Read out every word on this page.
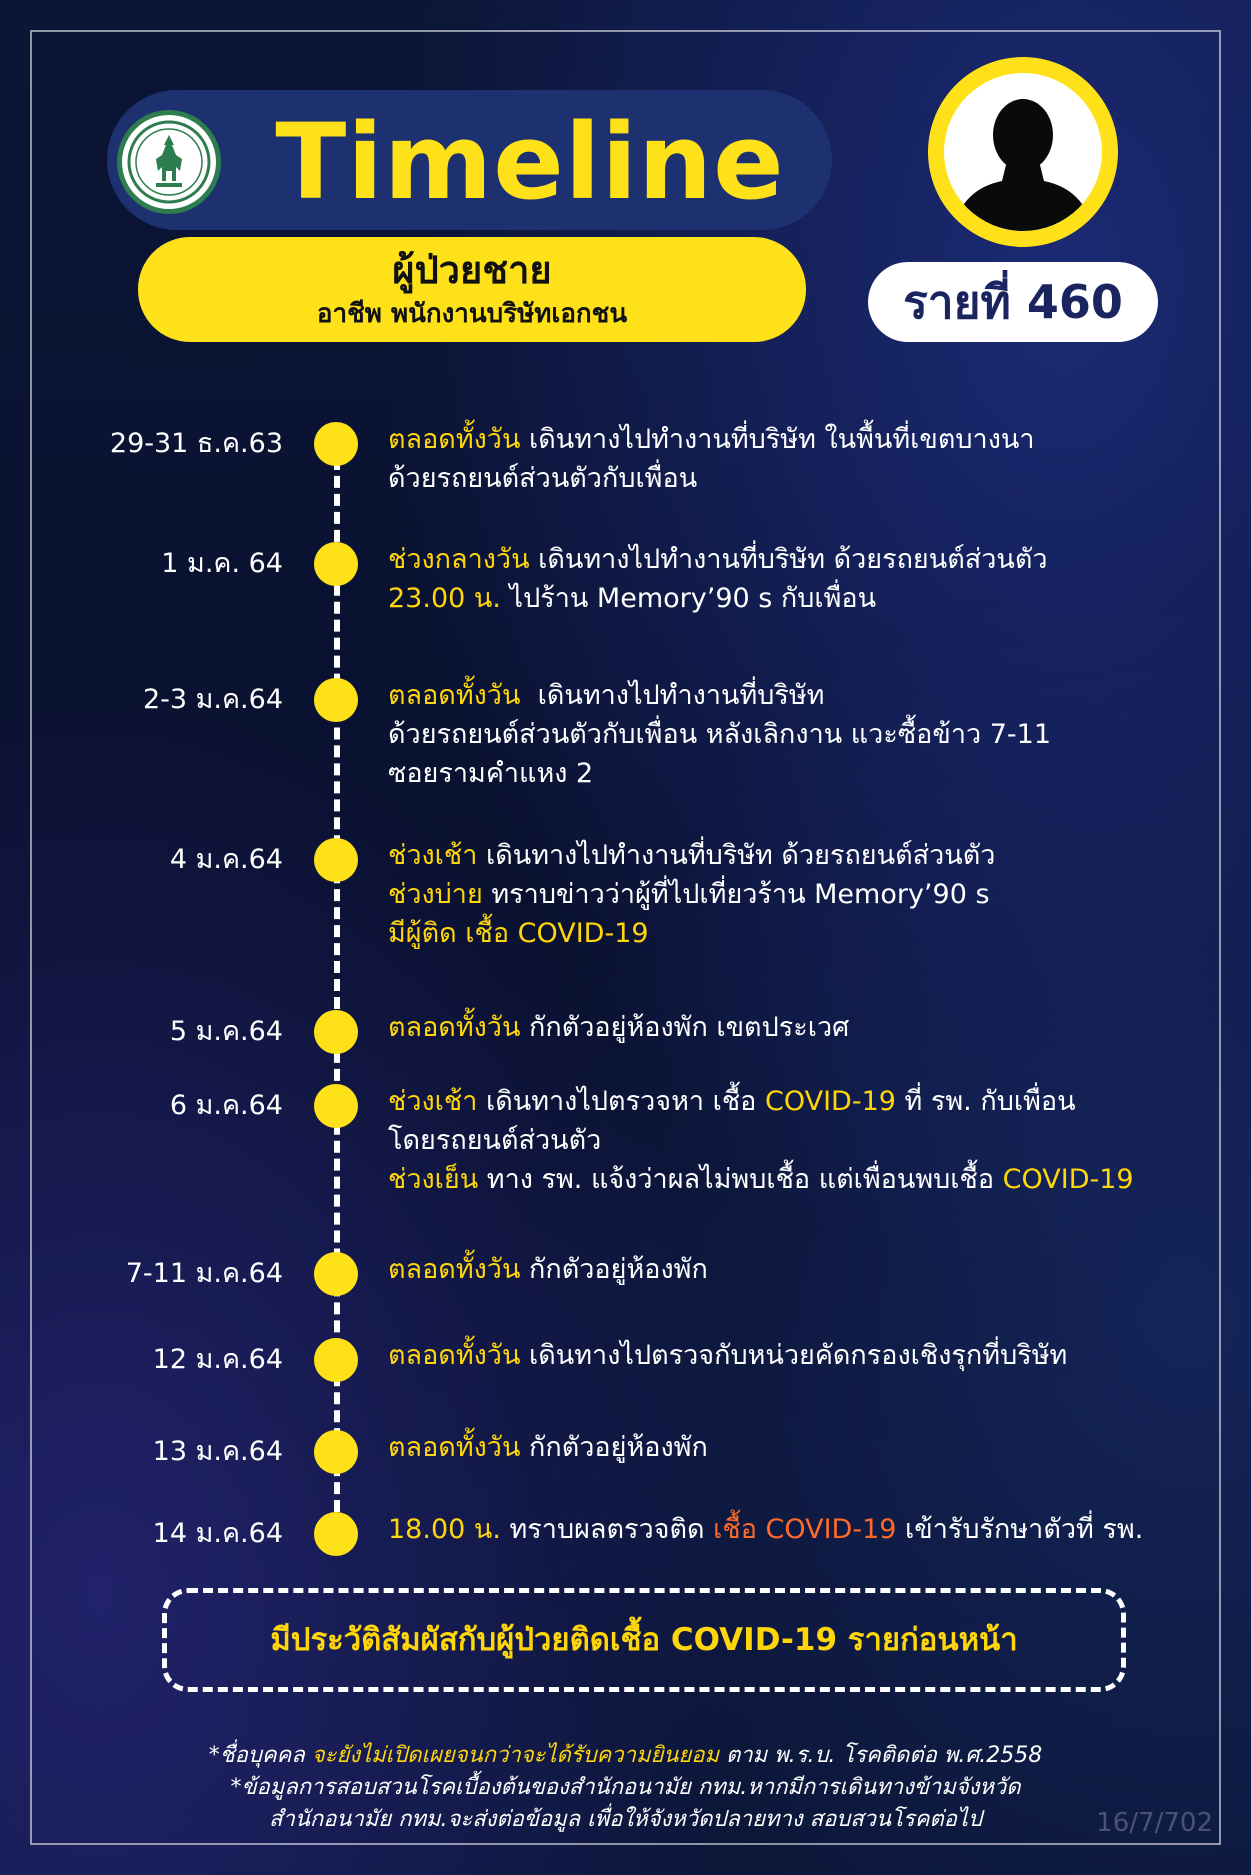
Timeline
ผู้ป่วยชาย
อาชีพ พนักงานบริษัทเอกชน	รายที่ 460
29-31 ธ.ค.63	ตลอดทั้งวัน เดินทางไปทำงานที่บริษัท ในพื้นที่เขตบางนา
ด้วยรถยนต์ส่วนตัวกับเพื่อน
1 ม.ค. 64	ช่วงกลางวัน เดินทางไปทำงานที่บริษัท ด้วยรถยนต์ส่วนตัว
23.00 น. ไปร้าน Memory’90 s กับเพื่อน
2-3 ม.ค.64	ตลอดทั้งวัน  เดินทางไปทำงานที่บริษัท
ด้วยรถยนต์ส่วนตัวกับเพื่อน หลังเลิกงาน แวะซื้อข้าว 7-11
ซอยรามคำแหง 2
4 ม.ค.64	ช่วงเช้า เดินทางไปทำงานที่บริษัท ด้วยรถยนต์ส่วนตัว
ช่วงบ่าย ทราบข่าวว่าผู้ที่ไปเที่ยวร้าน Memory’90 s
มีผู้ติด เชื้อ COVID-19
5 ม.ค.64	ตลอดทั้งวัน กักตัวอยู่ห้องพัก เขตประเวศ
6 ม.ค.64	ช่วงเช้า เดินทางไปตรวจหา เชื้อ COVID-19 ที่ รพ. กับเพื่อน
โดยรถยนต์ส่วนตัว
ช่วงเย็น ทาง รพ. แจ้งว่าผลไม่พบเชื้อ แต่เพื่อนพบเชื้อ COVID-19
7-11 ม.ค.64	ตลอดทั้งวัน กักตัวอยู่ห้องพัก
12 ม.ค.64	ตลอดทั้งวัน เดินทางไปตรวจกับหน่วยคัดกรองเชิงรุกที่บริษัท
13 ม.ค.64	ตลอดทั้งวัน กักตัวอยู่ห้องพัก
14 ม.ค.64	18.00 น. ทราบผลตรวจติด เชื้อ COVID-19 เข้ารับรักษาตัวที่ รพ.
มีประวัติสัมผัสกับผู้ป่วยติดเชื้อ COVID-19 รายก่อนหน้า
*ชื่อบุคคล จะยังไม่เปิดเผยจนกว่าจะได้รับความยินยอม ตาม พ.ร.บ. โรคติดต่อ พ.ศ.2558
*ข้อมูลการสอบสวนโรคเบื้องต้นของสำนักอนามัย กทม.หากมีการเดินทางข้ามจังหวัด
สำนักอนามัย กทม.จะส่งต่อข้อมูล เพื่อให้จังหวัดปลายทาง สอบสวนโรคต่อไป	16/7/702
